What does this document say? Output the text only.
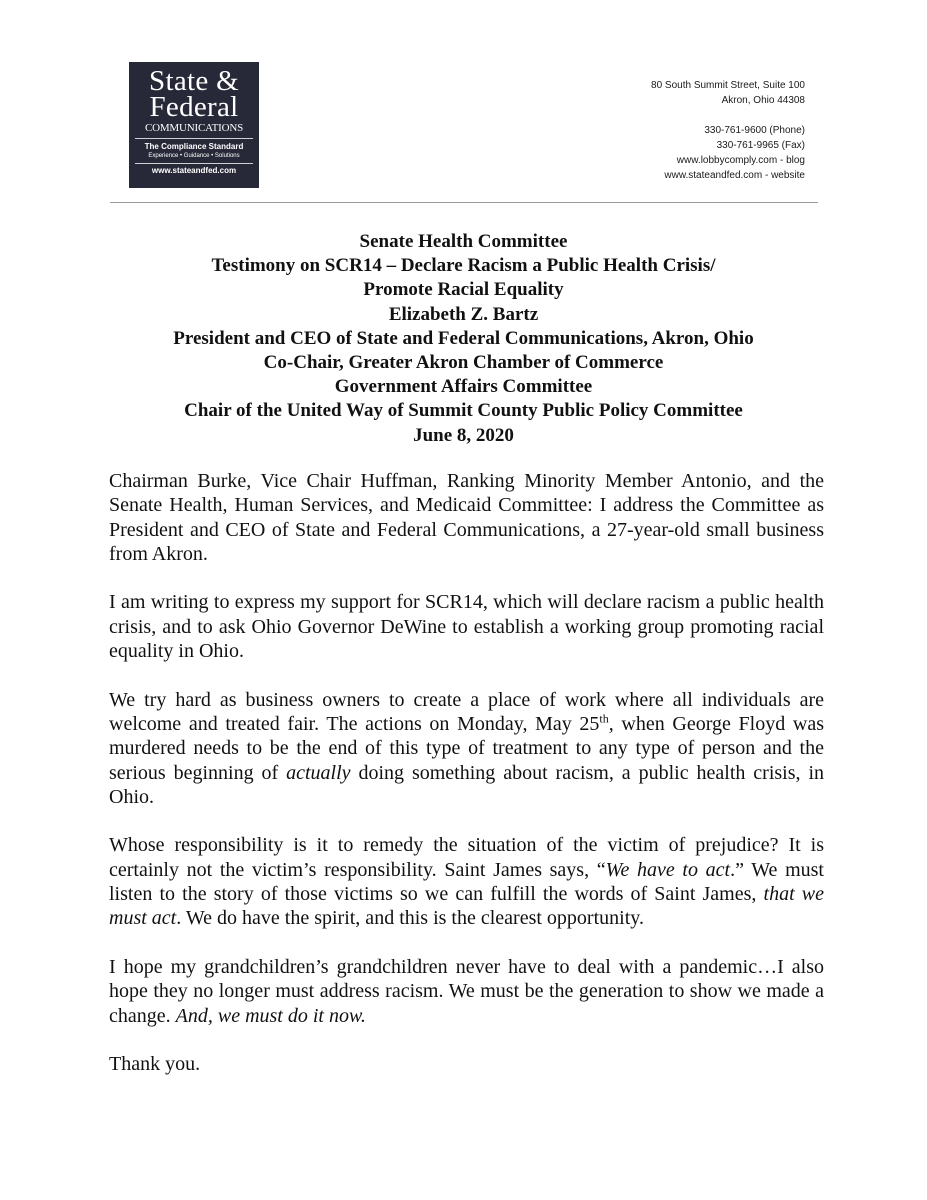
State &
Federal
COMMUNICATIONS
The Compliance Standard
Experience • Guidance • Solutions
www.stateandfed.com
80 South Summit Street, Suite 100
Akron, Ohio 44308
330-761-9600 (Phone)
330-761-9965 (Fax)
www.lobbycomply.com - blog
www.stateandfed.com - website
Senate Health Committee
Testimony on SCR14 – Declare Racism a Public Health Crisis/
Promote Racial Equality
Elizabeth Z. Bartz
President and CEO of State and Federal Communications, Akron, Ohio
Co-Chair, Greater Akron Chamber of Commerce
Government Affairs Committee
Chair of the United Way of Summit County Public Policy Committee
June 8, 2020

Chairman Burke, Vice Chair Huffman, Ranking Minority Member Antonio, and the Senate Health, Human Services, and Medicaid Committee: I address the Committee as President and CEO of State and Federal Communications, a 27-year-old small business from Akron.

I am writing to express my support for SCR14, which will declare racism a public health crisis, and to ask Ohio Governor DeWine to establish a working group promoting racial equality in Ohio.

We try hard as business owners to create a place of work where all individuals are welcome and treated fair. The actions on Monday, May 25th, when George Floyd was murdered needs to be the end of this type of treatment to any type of person and the serious beginning of actually doing something about racism, a public health crisis, in Ohio.

Whose responsibility is it to remedy the situation of the victim of prejudice? It is certainly not the victim’s responsibility. Saint James says, “We have to act.” We must listen to the story of those victims so we can fulfill the words of Saint James, that we must act. We do have the spirit, and this is the clearest opportunity.

I hope my grandchildren’s grandchildren never have to deal with a pandemic…I also hope they no longer must address racism. We must be the generation to show we made a change. And, we must do it now.

Thank you.
